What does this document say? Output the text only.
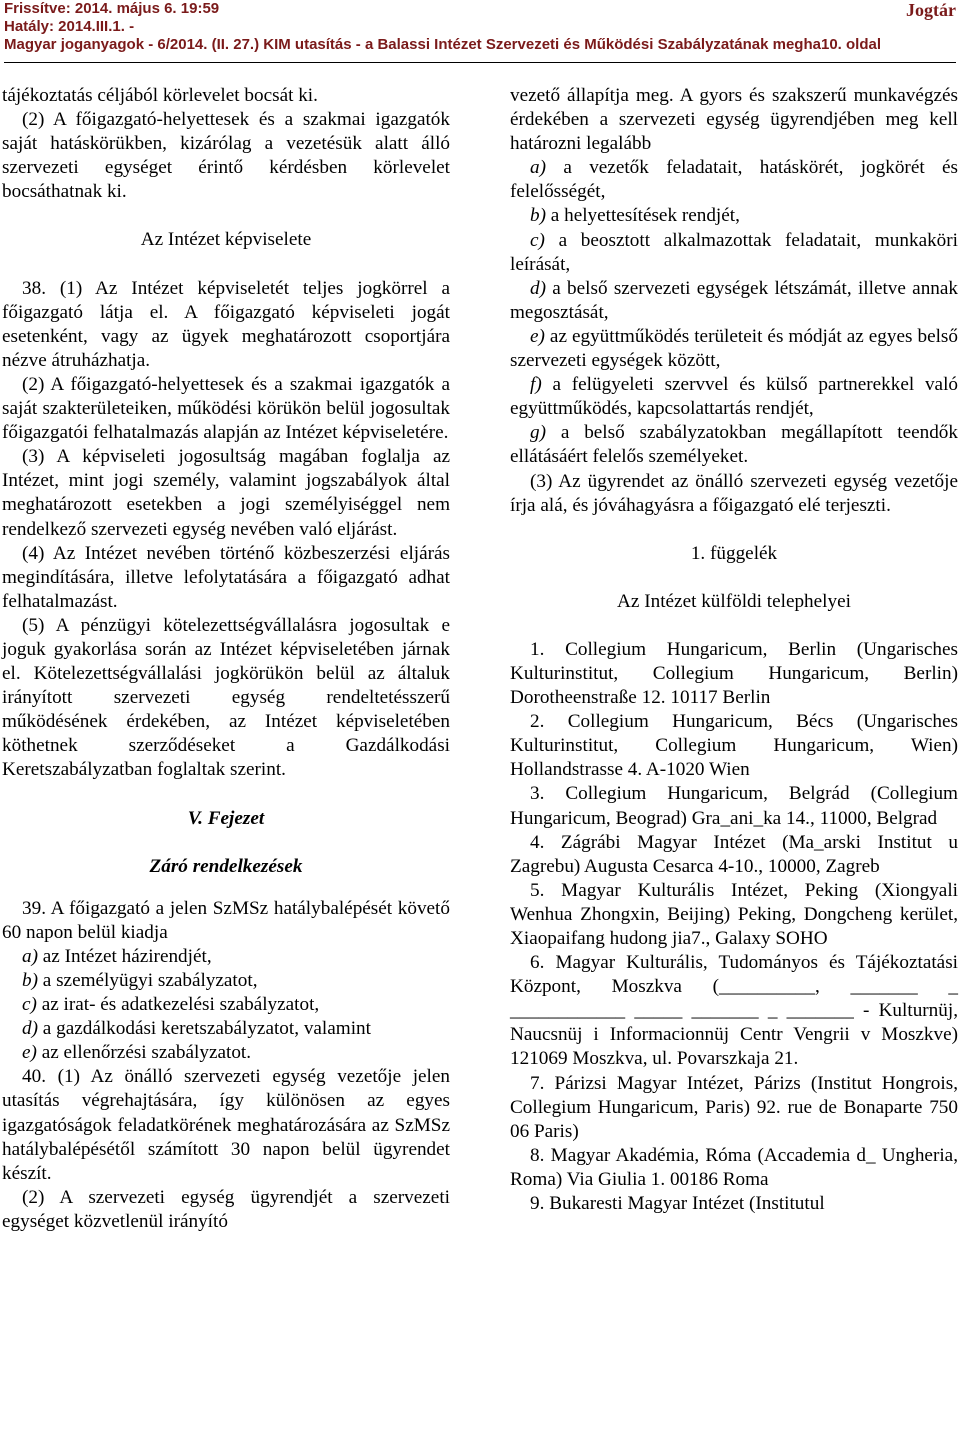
Frissítve: 2014. május 6. 19:59	Jogtár
Hatály: 2014.III.1. -
Magyar joganyagok - 6/2014. (II. 27.) KIM utasítás - a Balassi Intézet Szervezeti és Működési Szabályzatának megha10. oldal

tájékoztatás céljából körlevelet bocsát ki.

(2) A főigazgató-helyettesek és a szakmai igazgatók saját hatáskörükben, kizárólag a vezetésük alatt álló szervezeti egységet érintő kérdésben körlevelet bocsáthatnak ki.

Az Intézet képviselete

38. (1) Az Intézet képviseletét teljes jogkörrel a főigazgató látja el. A főigazgató képviseleti jogát esetenként, vagy az ügyek meghatározott csoportjára nézve átruházhatja.

(2) A főigazgató-helyettesek és a szakmai igazgatók a saját szakterületeiken, működési körükön belül jogosultak főigazgatói felhatalmazás alapján az Intézet képviseletére.

(3) A képviseleti jogosultság magában foglalja az Intézet, mint jogi személy, valamint jogszabályok által meghatározott esetekben a jogi személyiséggel nem rendelkező szervezeti egység nevében való eljárást.

(4) Az Intézet nevében történő közbeszerzési eljárás megindítására, illetve lefolytatására a főigazgató adhat felhatalmazást.

(5) A pénzügyi kötelezettségvállalásra jogosultak e joguk gyakorlása során az Intézet képviseletében járnak el. Kötelezettségvállalási jogkörükön belül az általuk irányított szervezeti egység rendeltetésszerű működésének érdekében, az Intézet képviseletében köthetnek szerződéseket a Gazdálkodási Keretszabályzatban foglaltak szerint.

V. Fejezet

Záró rendelkezések

39. A főigazgató a jelen SzMSz hatálybalépését követő 60 napon belül kiadja

a) az Intézet házirendjét,

b) a személyügyi szabályzatot,

c) az irat- és adatkezelési szabályzatot,

d) a gazdálkodási keretszabályzatot, valamint

e) az ellenőrzési szabályzatot.

40. (1) Az önálló szervezeti egység vezetője jelen utasítás végrehajtására, így különösen az egyes igazgatóságok feladatkörének meghatározására az SzMSz hatálybalépésétől számított 30 napon belül ügyrendet készít.

(2) A szervezeti egység ügyrendjét a szervezeti egységet közvetlenül irányító

vezető állapítja meg. A gyors és szakszerű munkavégzés érdekében a szervezeti egység ügyrendjében meg kell határozni legalább

a) a vezetők feladatait, hatáskörét, jogkörét és felelősségét,

b) a helyettesítések rendjét,

c) a beosztott alkalmazottak feladatait, munkaköri leírását,

d) a belső szervezeti egységek létszámát, illetve annak megosztását,

e) az együttműködés területeit és módját az egyes belső szervezeti egységek között,

f) a felügyeleti szervvel és külső partnerekkel való együttműködés, kapcsolattartás rendjét,

g) a belső szabályzatokban megállapított teendők ellátásáért felelős személyeket.

(3) Az ügyrendet az önálló szervezeti egység vezetője írja alá, és jóváhagyásra a főigazgató elé terjeszti.

1. függelék

Az Intézet külföldi telephelyei

1. Collegium Hungaricum, Berlin (Ungarisches Kulturinstitut, Collegium Hungaricum, Berlin) Dorotheenstraße 12. 10117 Berlin

2. Collegium Hungaricum, Bécs (Ungarisches Kulturinstitut, Collegium Hungaricum, Wien) Hollandstrasse 4. A-1020 Wien

3. Collegium Hungaricum, Belgrád (Collegium Hungaricum, Beograd) Gra_ani_ka 14., 11000, Belgrad

4. Zágrábi Magyar Intézet (Ma_arski Institut u Zagrebu) Augusta Cesarca 4-10., 10000, Zagreb

5. Magyar Kulturális Intézet, Peking (Xiongyali Wenhua Zhongxin, Beijing) Peking, Dongcheng kerület, Xiaopaifang hudong jia7., Galaxy SOHO

6. Magyar Kulturális, Tudományos és Tájékoztatási Központ, Moszkva (__________, _______ _ ____________ _____ _______ _ _______ - Kulturnüj, Naucsnüj i Informacionnüj Centr Vengrii v Moszkve) 121069 Moszkva, ul. Povarszkaja 21.

7. Párizsi Magyar Intézet, Párizs (Institut Hongrois, Collegium Hungaricum, Paris) 92. rue de Bonaparte 750 06 Paris)

8. Magyar Akadémia, Róma (Accademia d_ Ungheria, Roma) Via Giulia 1. 00186 Roma

9. Bukaresti Magyar Intézet (Institutul
